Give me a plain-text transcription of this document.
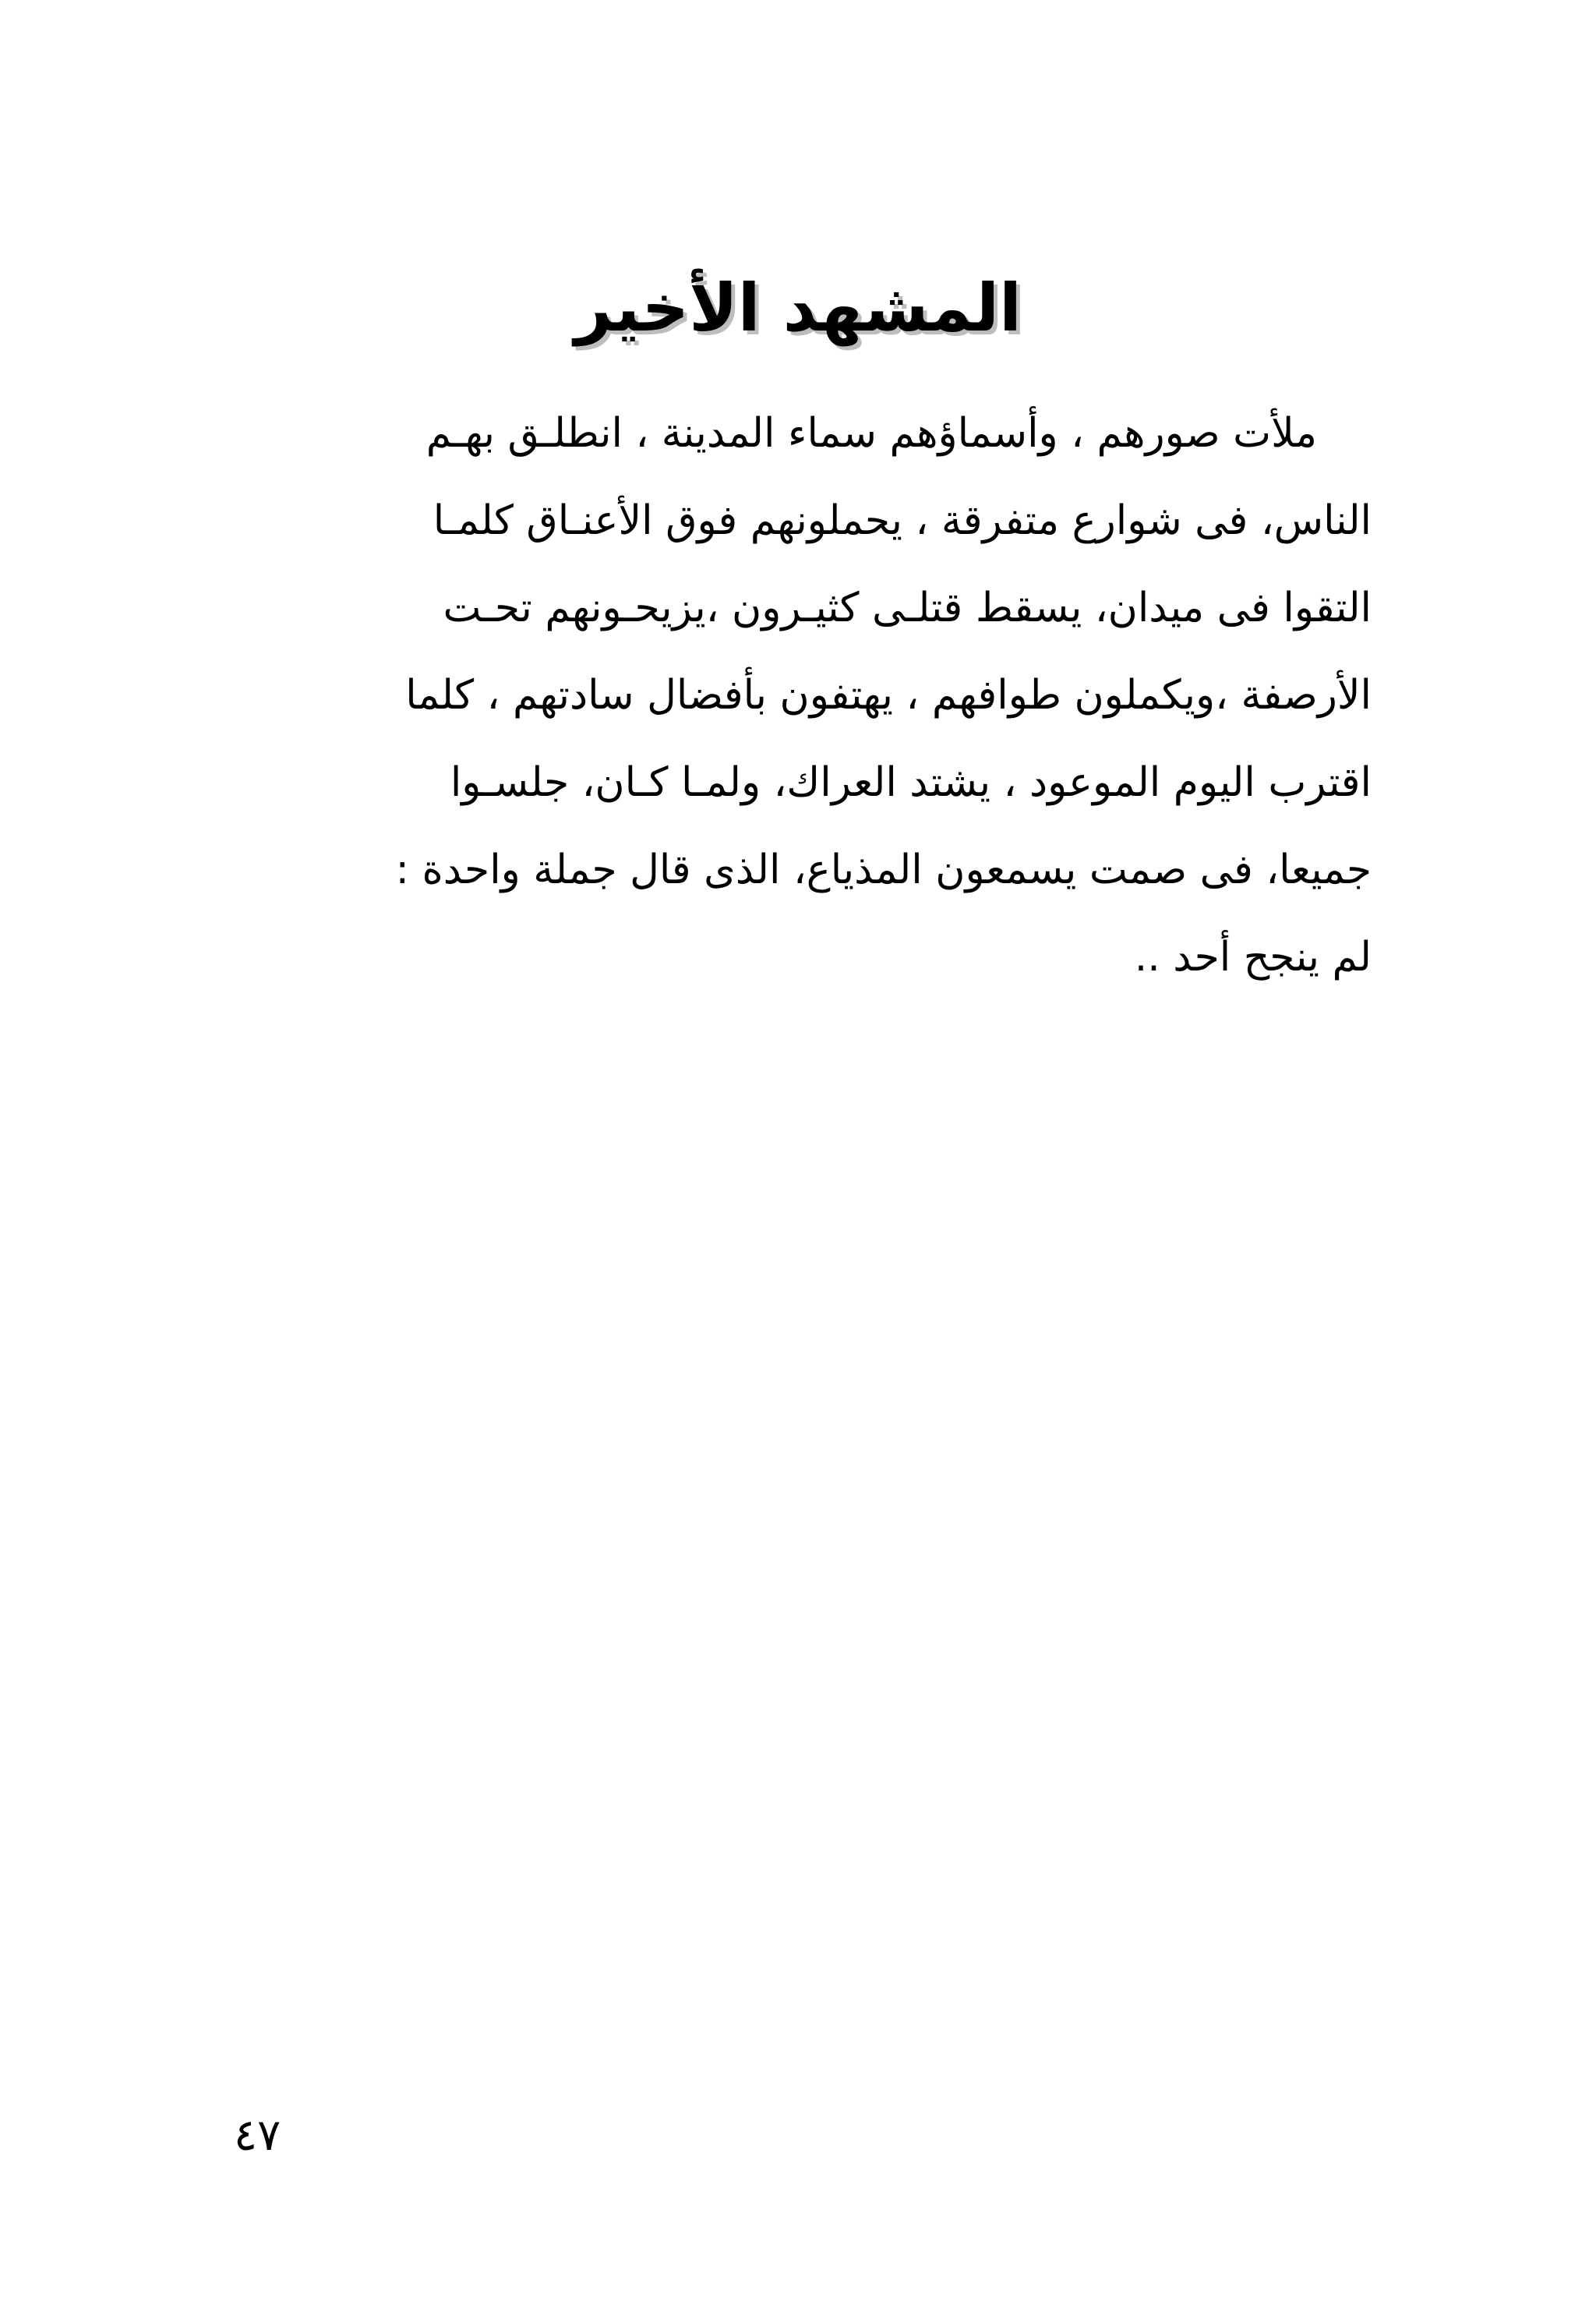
المشهد الأخير
ملأت صورهم ، وأسماؤهم سماء المدينة ، انطلـق بهـم
الناس، فى شوارع متفرقة ، يحملونهم فوق الأعنـاق كلمـا
التقوا فى ميدان، يسقط قتلـى كثيـرون ،يزيحـونهم تحـت
الأرصفة ،ويكملون طوافهم ، يهتفون بأفضال سادتهم ، كلما
اقترب اليوم الموعود ، يشتد العراك، ولمـا كـان، جلسـوا
جميعا، فى صمت يسمعون المذياع، الذى قال جملة واحدة :
لم ينجح أحد ..
٤٧
